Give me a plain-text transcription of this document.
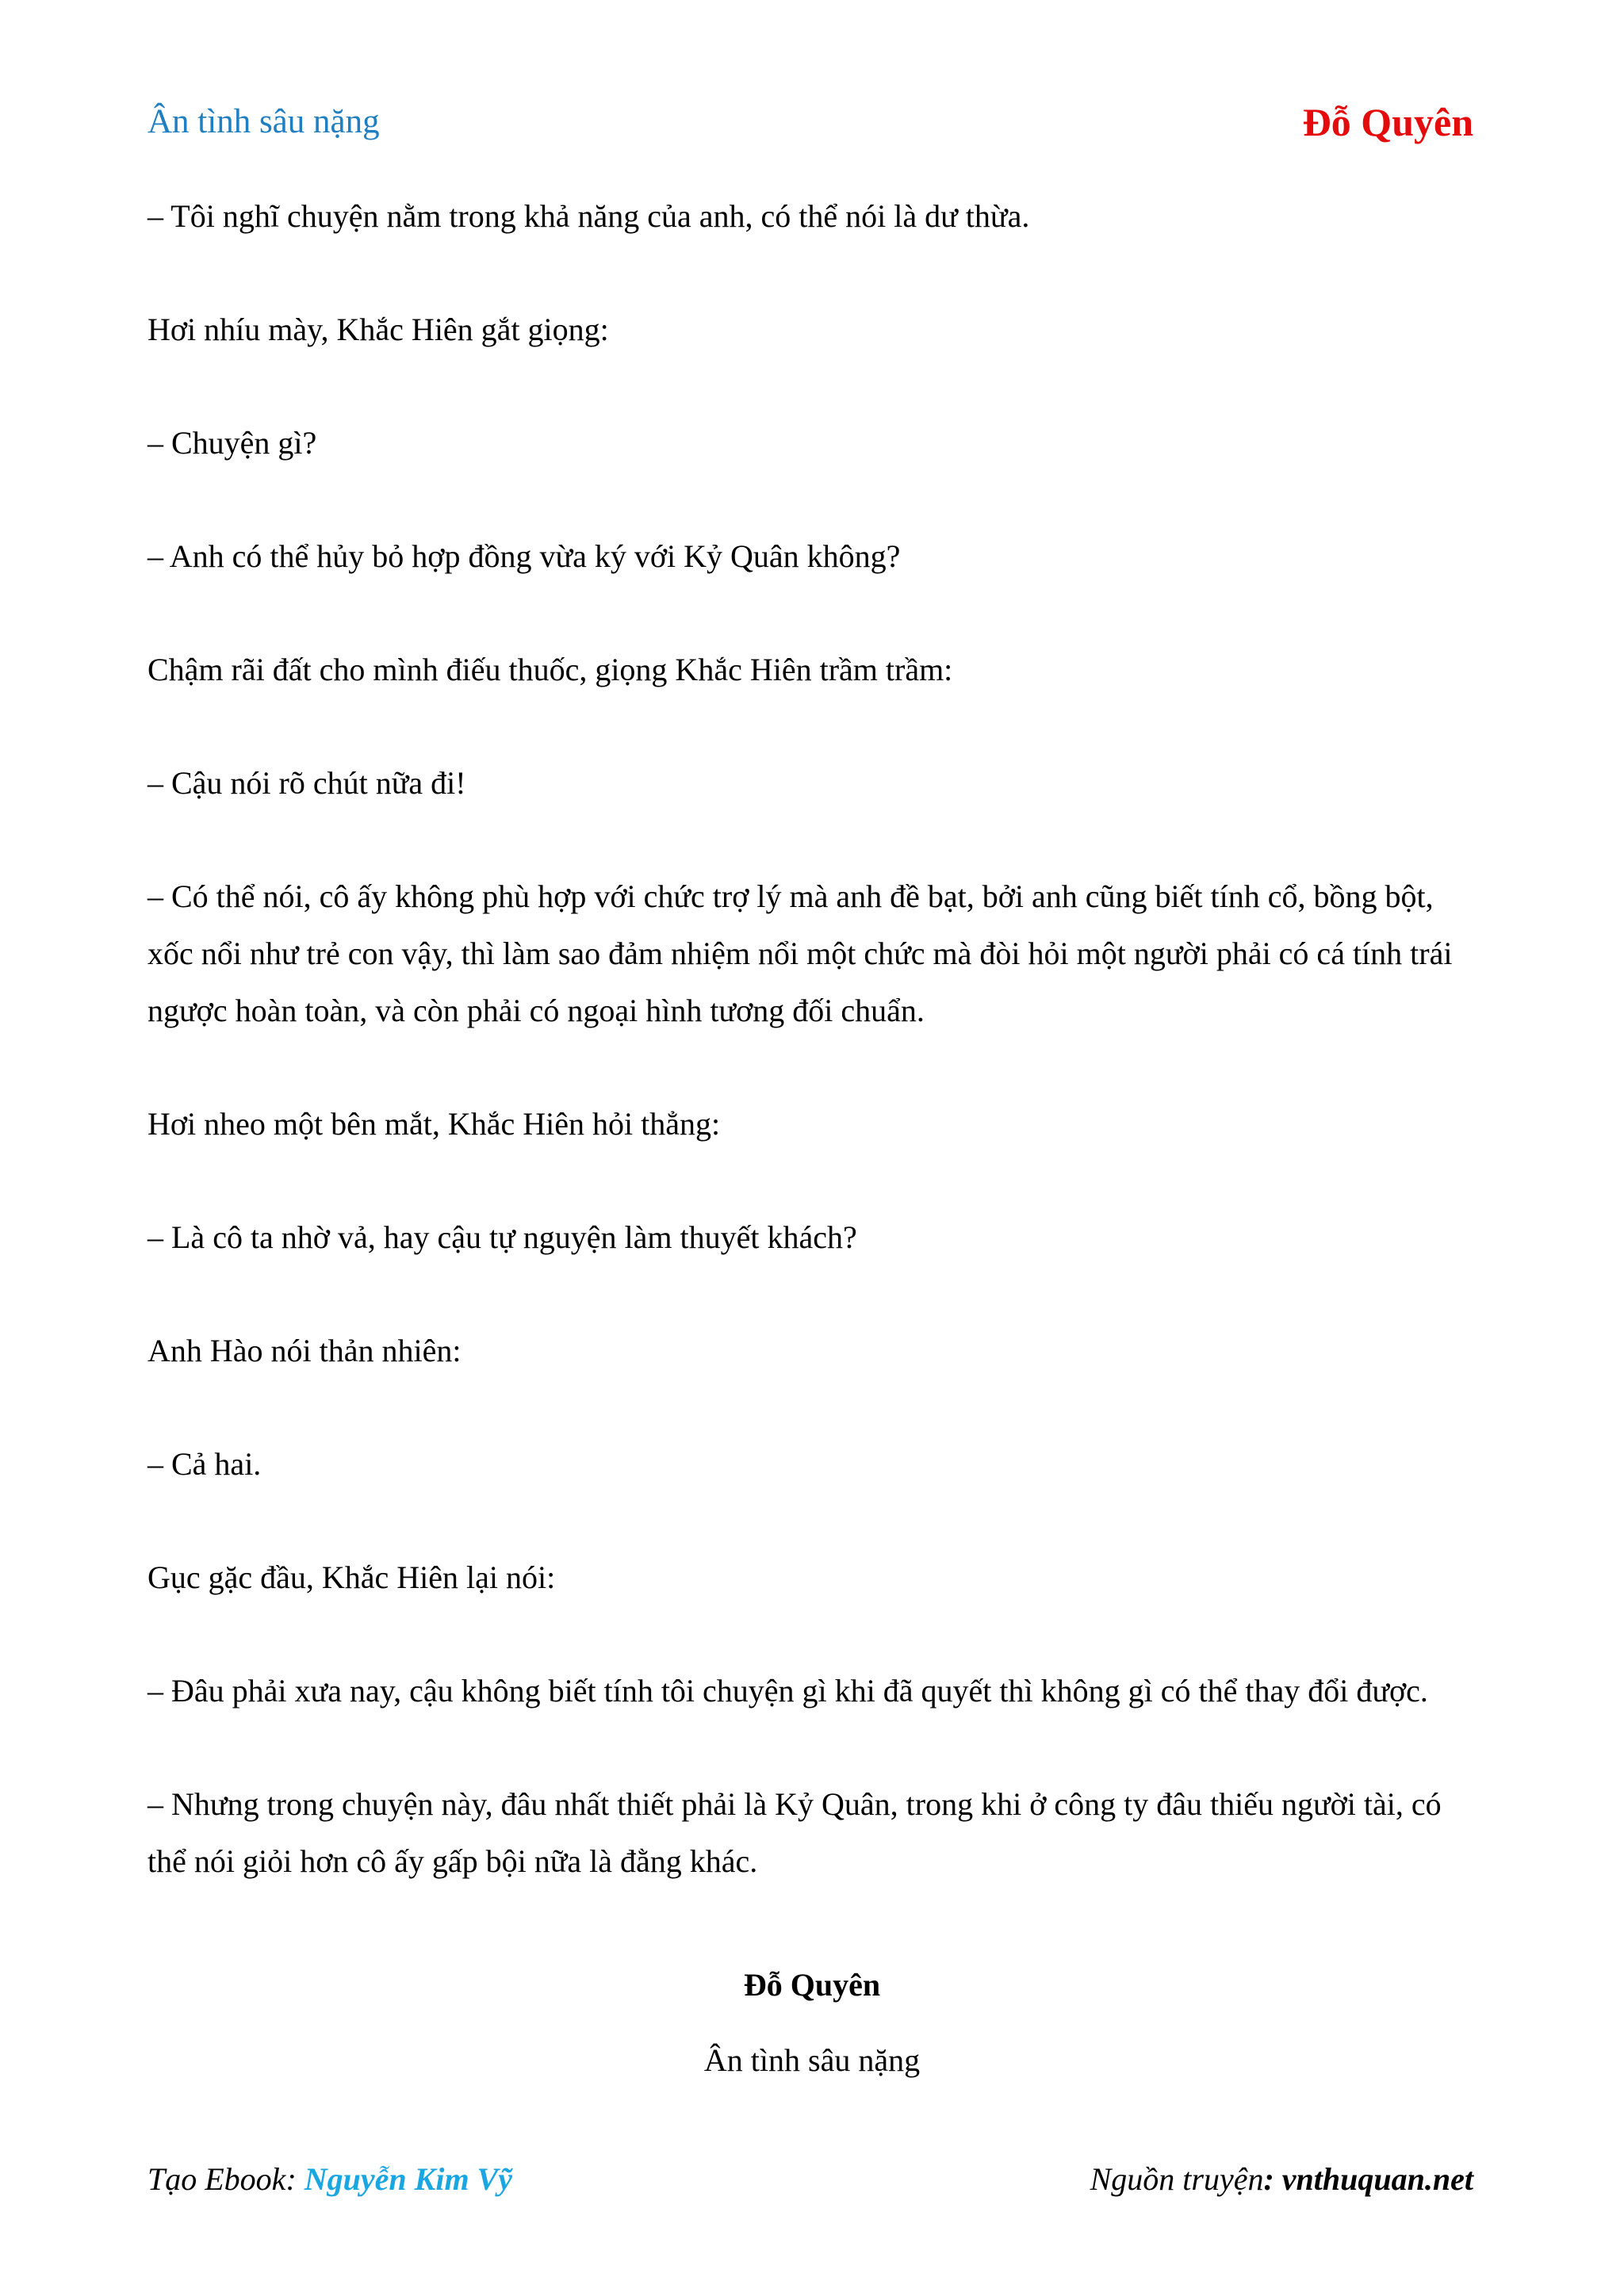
Ân tình sâu nặng	Đỗ Quyên

– Tôi nghĩ chuyện nằm trong khả năng của anh, có thể nói là dư thừa.

Hơi nhíu mày, Khắc Hiên gắt giọng:

– Chuyện gì?

– Anh có thể hủy bỏ hợp đồng vừa ký với Kỷ Quân không?

Chậm rãi đất cho mình điếu thuốc, giọng Khắc Hiên trầm trầm:

– Cậu nói rõ chút nữa đi!

– Có thể nói, cô ấy không phù hợp với chức trợ lý mà anh đề bạt, bởi anh cũng biết tính cổ, bồng bột, xốc nổi như trẻ con vậy, thì làm sao đảm nhiệm nổi một chức mà đòi hỏi một người phải có cá tính trái ngược hoàn toàn, và còn phải có ngoại hình tương đối chuẩn.

Hơi nheo một bên mắt, Khắc Hiên hỏi thẳng:

– Là cô ta nhờ vả, hay cậu tự nguyện làm thuyết khách?

Anh Hào nói thản nhiên:

– Cả hai.

Gục gặc đầu, Khắc Hiên lại nói:

– Đâu phải xưa nay, cậu không biết tính tôi chuyện gì khi đã quyết thì không gì có thể thay đổi được.

– Nhưng trong chuyện này, đâu nhất thiết phải là Kỷ Quân, trong khi ở công ty đâu thiếu người tài, có thể nói giỏi hơn cô ấy gấp bội nữa là đằng khác.

Đỗ Quyên
Ân tình sâu nặng
Tạo Ebook: Nguyễn Kim Vỹ	Nguồn truyện: vnthuquan.net
